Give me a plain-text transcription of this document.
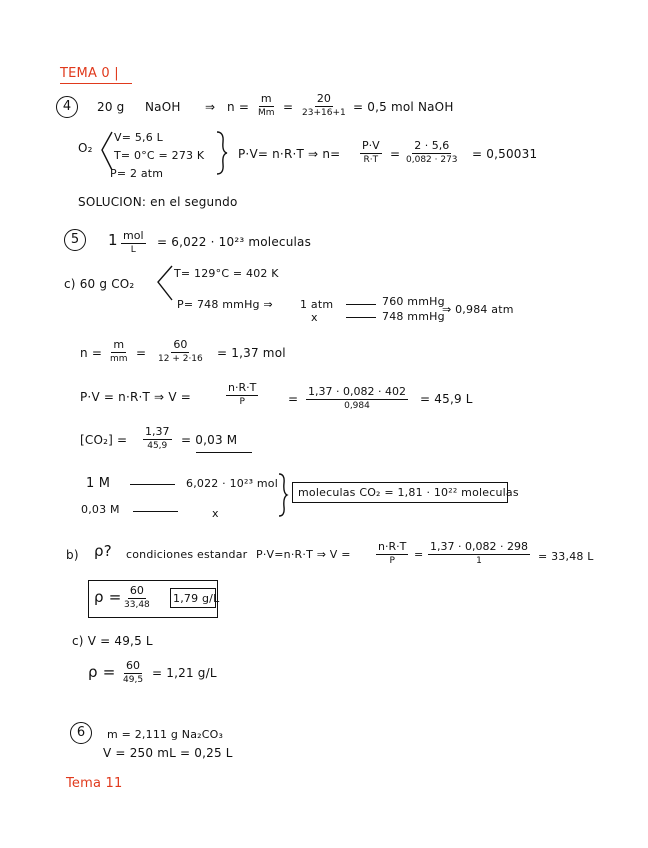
TEMA 0 |
4	20 g NaOH ⇒ n =
m
Mm =
20
23+16+1 = 0,5 mol NaOH
O₂
V= 5,6 L
T= 0°C = 273 K
P= 2 atm
P·V= n·R·T ⇒ n=
P·V
R·T =
2 · 5,6
0,082 · 273 = 0,50031
SOLUCION: en el segundo
5	1 mol
L
= 6,022 · 10²³ moleculas
c) 60 g CO₂
T= 129°C = 402 K
P= 748 mmHg ⇒ 1 atm	760 mmHg
x	748 mmHg
⇒ 0,984 atm
n =
m
mm =
60
12 + 2·16 = 1,37 mol
P·V = n·R·T ⇒ V =
n·R·T
P	=
1,37 · 0,082 · 402
0,984	= 45,9 L
[CO₂] =
1,37
45,9 = 0,03 M
1 M	6,022 · 10²³ mol
0,03 M	x
moleculas CO₂ = 1,81 · 10²² moleculas
b) ρ? condiciones estandar P·V=n·R·T ⇒ V =
n·R·T
P =
1,37 · 0,082 · 298
1	= 33,48 L
ρ = 60
33,48 1,79 g/L
c) V = 49,5 L
ρ = 60
49,5 = 1,21 g/L
6	m = 2,111 g Na₂CO₃
V = 250 mL = 0,25 L
Tema 11
